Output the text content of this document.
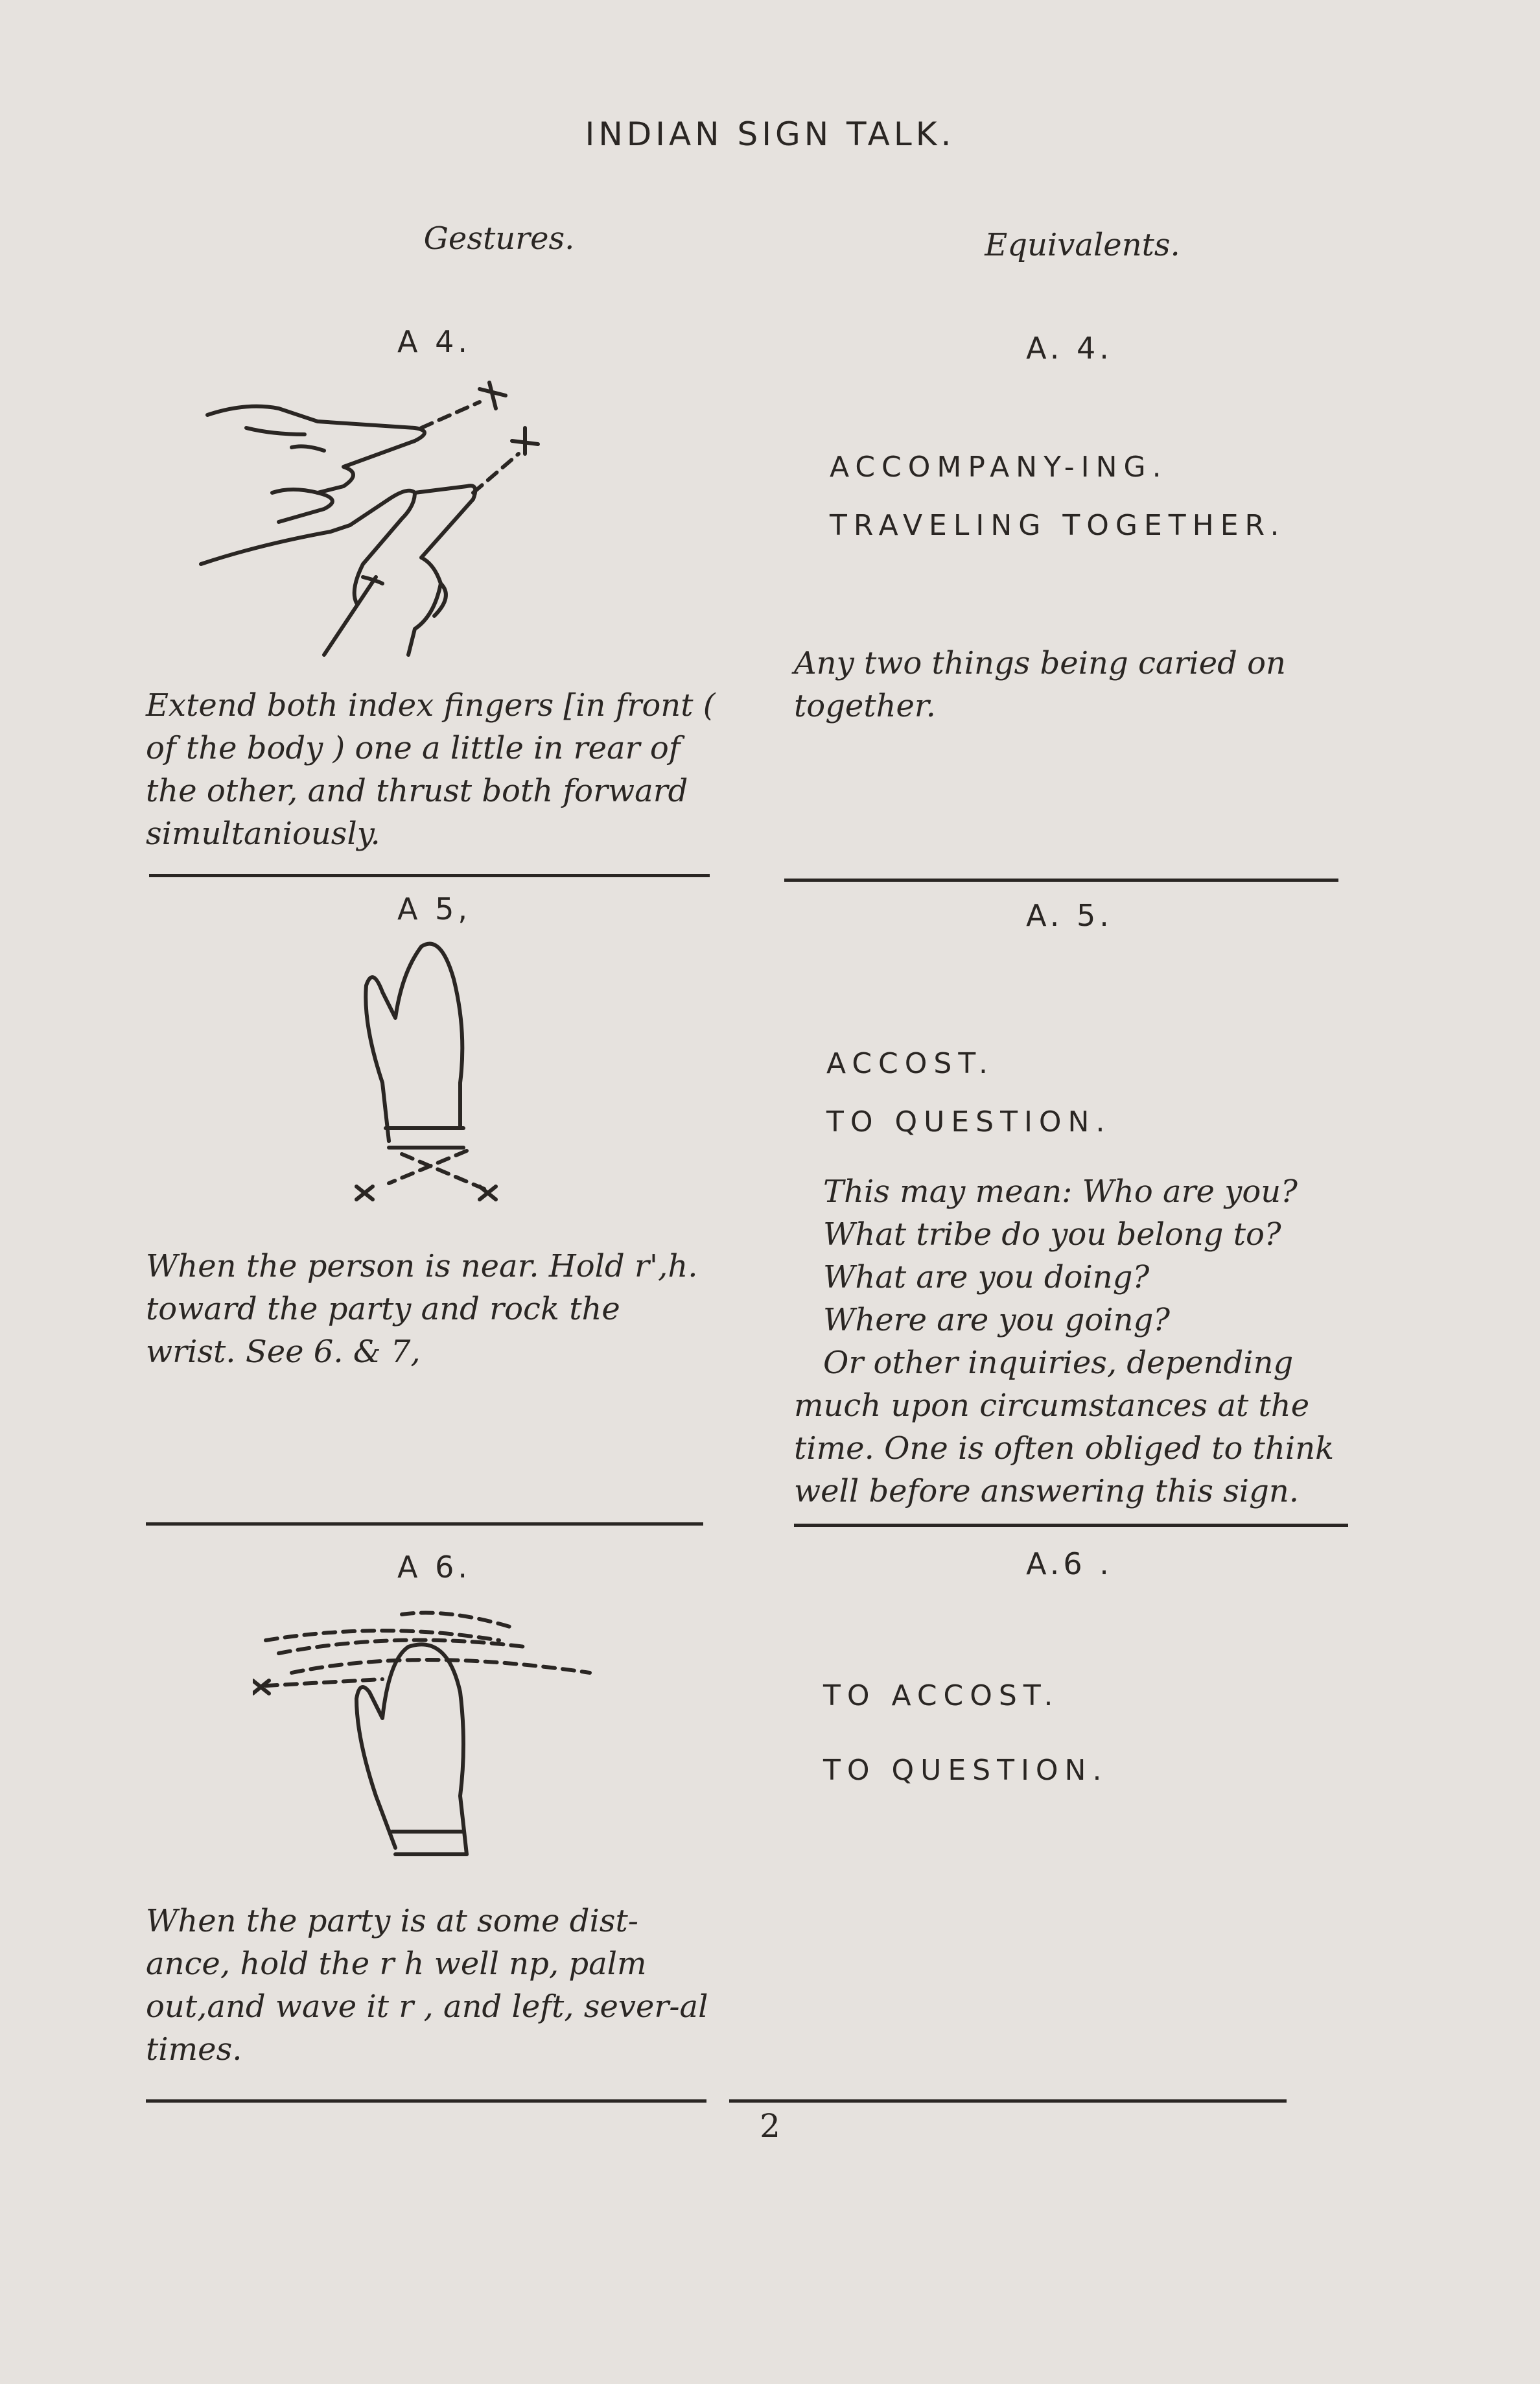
INDIAN SIGN TALK.
Gestures.	Equivalents.
A 4.
Extend both index fingers [in front ( of the body ) one a little in rear of the other, and thrust both forward simultaniously.
A. 4.
ACCOMPANY-ING.
TRAVELING TOGETHER.
Any two things being caried on together.
A 5,
When the person is near. Hold r',h. toward the party and rock the wrist. See 6. & 7,
A. 5.
ACCOST.
TO QUESTION.

This may mean: Who are you?

What tribe do you belong to?

What are you doing?

Where are you going?

Or other inquiries, depending much upon circumstances at the time. One is often obliged to think well before answering this sign.

A 6.
When the party is at some dist-ance, hold the r h well np, palm out,and wave it r , and left, sever-al times.
A.6 .
TO ACCOST.
TO QUESTION.
2
